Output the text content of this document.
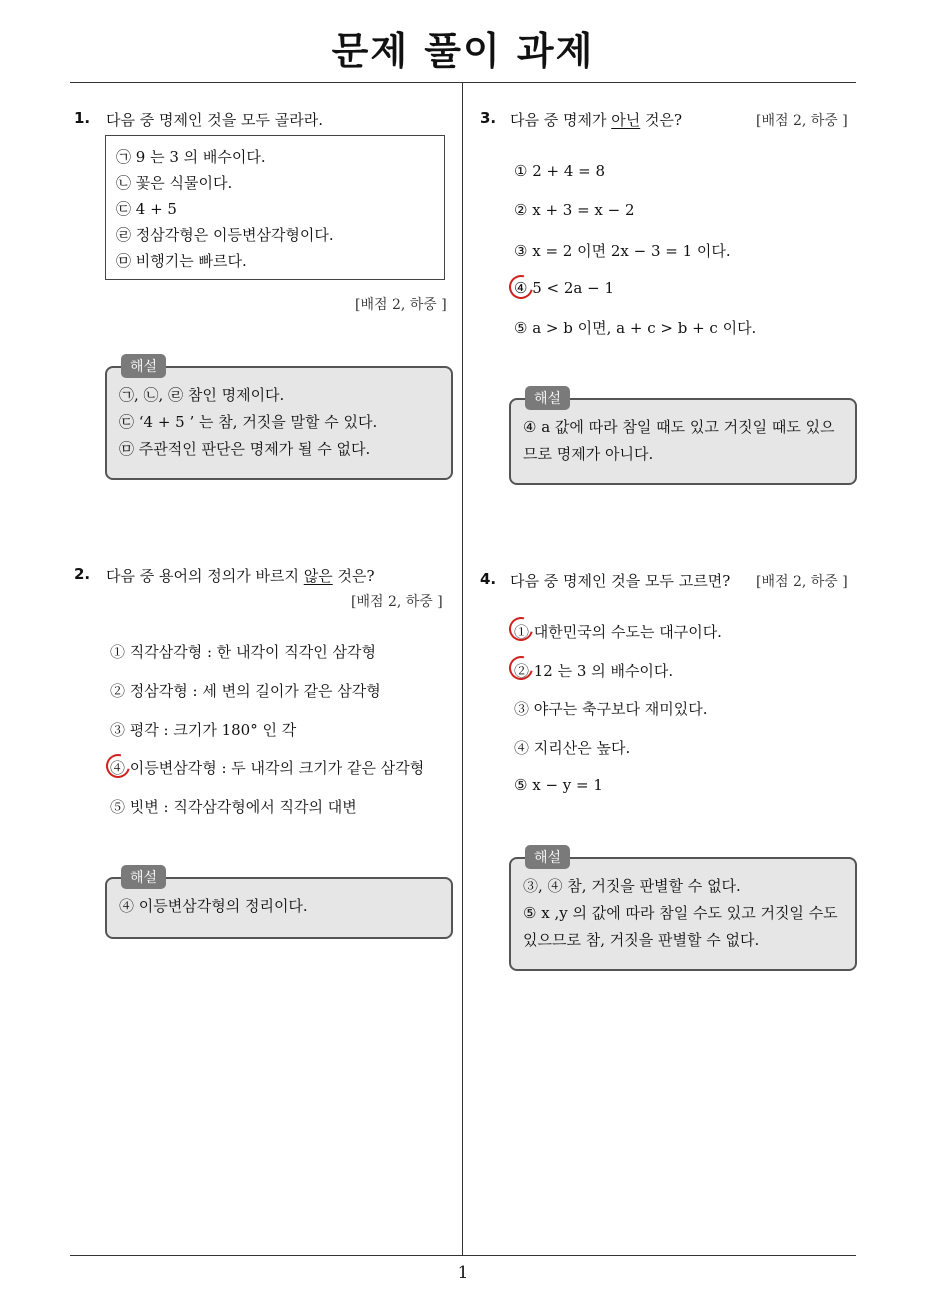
문제 풀이 과제
1
1. 다음 중 명제인 것을 모두 골라라.
㉠ 9 는 3 의 배수이다.
㉡ 꽃은 식물이다.
㉢ 4 + 5
㉣ 정삼각형은 이등변삼각형이다.
㉤ 비행기는 빠르다.
[배점 2, 하중 ]
해설
㉠, ㉡, ㉣ 참인 명제이다.
㉢ ‘4 + 5 ’ 는 참, 거짓을 말할 수 있다.
㉤ 주관적인 판단은 명제가 될 수 없다.
2. 다음 중 용어의 정의가 바르지 않은 것은?
[배점 2, 하중 ]
① 직각삼각형 : 한 내각이 직각인 삼각형
② 정삼각형 : 세 변의 길이가 같은 삼각형
③ 평각 : 크기가 180° 인 각
④ 이등변삼각형 : 두 내각의 크기가 같은 삼각형
⑤ 빗변 : 직각삼각형에서 직각의 대변
해설
④ 이등변삼각형의 정리이다.
3. 다음 중 명제가 아닌 것은?	[배점 2, 하중 ]
① 2 + 4 = 8
② x + 3 = x − 2
③ x = 2 이면 2x − 3 = 1 이다.
④ 5 < 2a − 1
⑤ a > b 이면, a + c > b + c 이다.
해설
④ a 값에 따라 참일 때도 있고 거짓일 때도 있으
므로 명제가 아니다.
4. 다음 중 명제인 것을 모두 고르면? [배점 2, 하중 ]
① 대한민국의 수도는 대구이다.
② 12 는 3 의 배수이다.
③ 야구는 축구보다 재미있다.
④ 지리산은 높다.
⑤ x − y = 1
해설
③, ④ 참, 거짓을 판별할 수 없다.
⑤ x ,y 의 값에 따라 참일 수도 있고 거짓일 수도
있으므로 참, 거짓을 판별할 수 없다.
